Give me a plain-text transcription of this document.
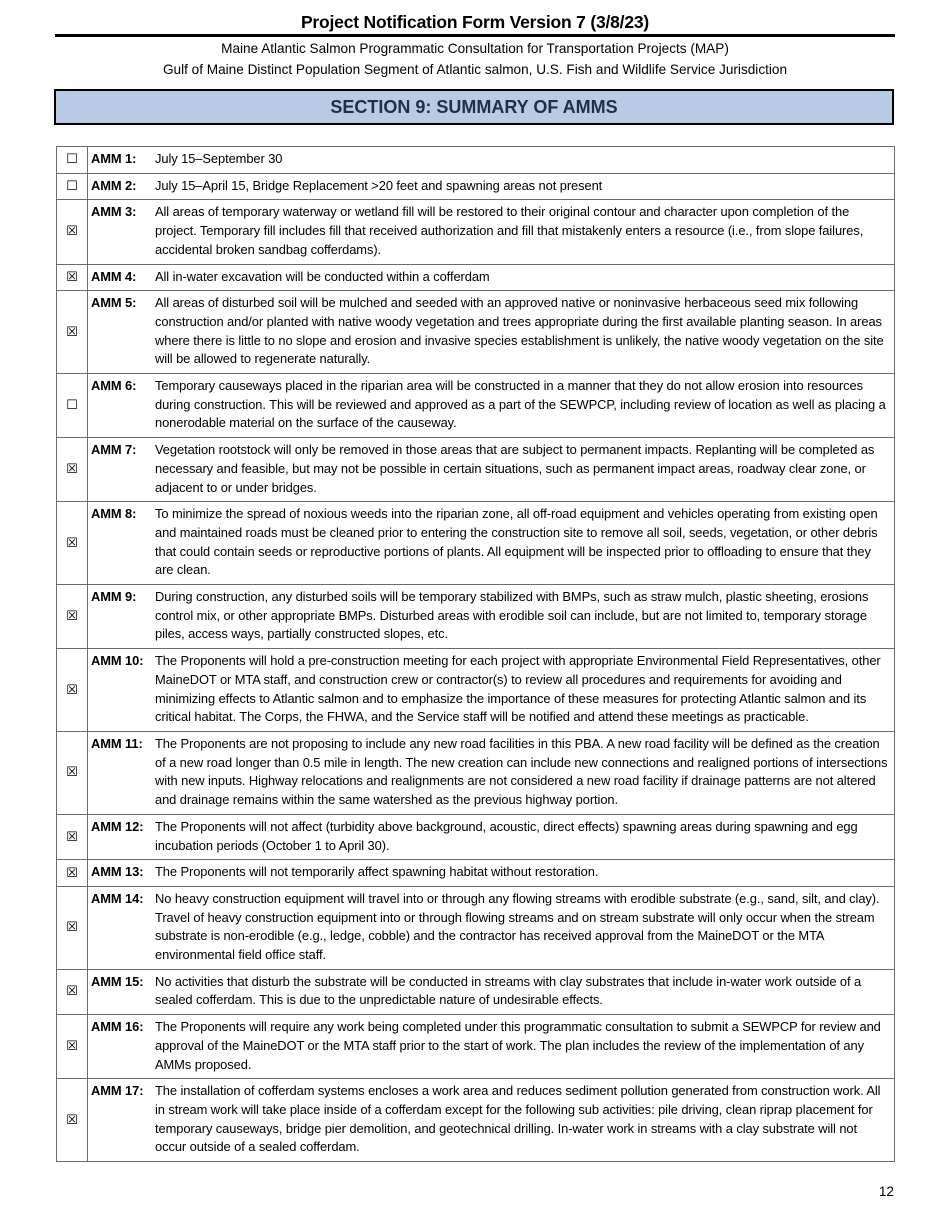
Project Notification Form Version 7 (3/8/23)

Maine Atlantic Salmon Programmatic Consultation for Transportation Projects (MAP)

Gulf of Maine Distinct Population Segment of Atlantic salmon, U.S. Fish and Wildlife Service Jurisdiction

SECTION 9: SUMMARY OF AMMS
☐	AMM 1: July 15–September 30

☐	AMM 2: July 15–April 15, Bridge Replacement >20 feet and spawning areas not present

☒	AMM 3: All areas of temporary waterway or wetland fill will be restored to their original contour and character upon completion of the project. Temporary fill includes fill that received authorization and fill that mistakenly enters a resource (i.e., from slope failures, accidental broken sandbag cofferdams).

☒	AMM 4: All in-water excavation will be conducted within a cofferdam

☒	AMM 5: All areas of disturbed soil will be mulched and seeded with an approved native or noninvasive herbaceous seed mix following construction and/or planted with native woody vegetation and trees appropriate during the first available planting season. In areas where there is little to no slope and erosion and invasive species establishment is unlikely, the native woody vegetation on the site will be allowed to regenerate naturally.

☐	AMM 6: Temporary causeways placed in the riparian area will be constructed in a manner that they do not allow erosion into resources during construction. This will be reviewed and approved as a part of the SEWPCP, including review of location as well as placing a nonerodable material on the surface of the causeway.

☒	AMM 7: Vegetation rootstock will only be removed in those areas that are subject to permanent impacts. Replanting will be completed as necessary and feasible, but may not be possible in certain situations, such as permanent impact areas, roadway clear zone, or adjacent to or under bridges.

☒	AMM 8: To minimize the spread of noxious weeds into the riparian zone, all off-road equipment and vehicles operating from existing open and maintained roads must be cleaned prior to entering the construction site to remove all soil, seeds, vegetation, or other debris that could contain seeds or reproductive portions of plants. All equipment will be inspected prior to offloading to ensure that they are clean.

☒	AMM 9: During construction, any disturbed soils will be temporary stabilized with BMPs, such as straw mulch, plastic sheeting, erosions control mix, or other appropriate BMPs. Disturbed areas with erodible soil can include, but are not limited to, temporary storage piles, access ways, partially constructed slopes, etc.

☒	AMM 10: The Proponents will hold a pre-construction meeting for each project with appropriate Environmental Field Representatives, other MaineDOT or MTA staff, and construction crew or contractor(s) to review all procedures and requirements for avoiding and minimizing effects to Atlantic salmon and to emphasize the importance of these measures for protecting Atlantic salmon and its critical habitat. The Corps, the FHWA, and the Service staff will be notified and attend these meetings as practicable.

☒	AMM 11: The Proponents are not proposing to include any new road facilities in this PBA. A new road facility will be defined as the creation of a new road longer than 0.5 mile in length. The new creation can include new connections and realigned portions of intersections with new inputs. Highway relocations and realignments are not considered a new road facility if drainage patterns are not altered and drainage remains within the same watershed as the previous highway portion.

☒	AMM 12: The Proponents will not affect (turbidity above background, acoustic, direct effects) spawning areas during spawning and egg incubation periods (October 1 to April 30).

☒	AMM 13: The Proponents will not temporarily affect spawning habitat without restoration.

☒	AMM 14: No heavy construction equipment will travel into or through any flowing streams with erodible substrate (e.g., sand, silt, and clay). Travel of heavy construction equipment into or through flowing streams and on stream substrate will only occur when the stream substrate is non-erodible (e.g., ledge, cobble) and the contractor has received approval from the MaineDOT or the MTA environmental field office staff.

☒	AMM 15: No activities that disturb the substrate will be conducted in streams with clay substrates that include in-water work outside of a sealed cofferdam. This is due to the unpredictable nature of undesirable effects.

☒	AMM 16: The Proponents will require any work being completed under this programmatic consultation to submit a SEWPCP for review and approval of the MaineDOT or the MTA staff prior to the start of work. The plan includes the review of the implementation of any AMMs proposed.

☒	AMM 17: The installation of cofferdam systems encloses a work area and reduces sediment pollution generated from construction work. All in stream work will take place inside of a cofferdam except for the following sub activities: pile driving, clean riprap placement for temporary causeways, bridge pier demolition, and geotechnical drilling. In-water work in streams with a clay substrate will not occur outside of a sealed cofferdam.
12
